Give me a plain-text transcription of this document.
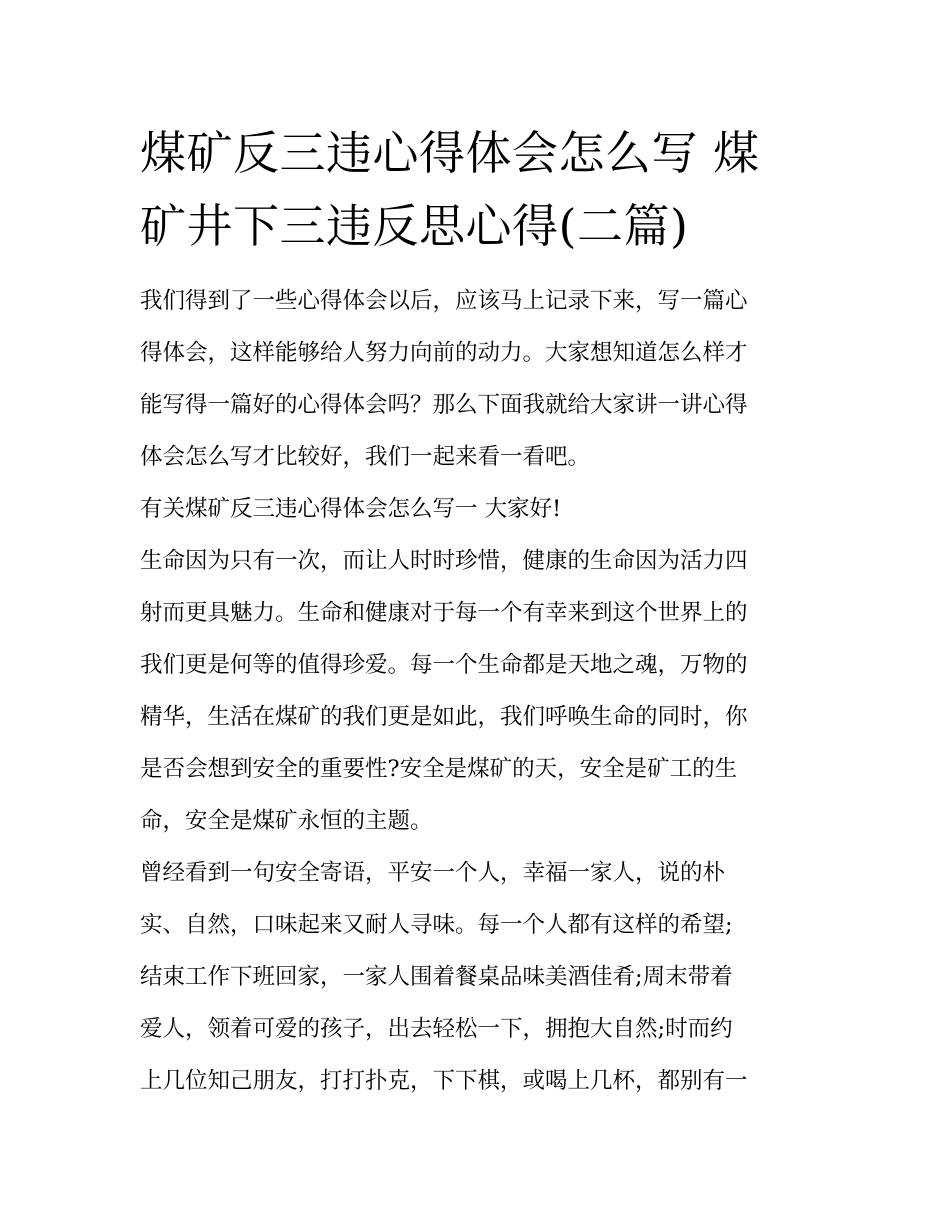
煤矿反三违心得体会怎么写 煤
矿井下三违反思心得(二篇)
我们得到了一些心得体会以后，应该马上记录下来，写一篇心
得体会，这样能够给人努力向前的动力。大家想知道怎么样才
能写得一篇好的心得体会吗？那么下面我就给大家讲一讲心得
体会怎么写才比较好，我们一起来看一看吧。
有关煤矿反三违心得体会怎么写一 大家好!
生命因为只有一次，而让人时时珍惜，健康的生命因为活力四
射而更具魅力。生命和健康对于每一个有幸来到这个世界上的
我们更是何等的值得珍爱。每一个生命都是天地之魂，万物的
精华，生活在煤矿的我们更是如此，我们呼唤生命的同时，你
是否会想到安全的重要性?安全是煤矿的天，安全是矿工的生
命，安全是煤矿永恒的主题。
曾经看到一句安全寄语，平安一个人，幸福一家人，说的朴
实、自然，口味起来又耐人寻味。每一个人都有这样的希望;
结束工作下班回家，一家人围着餐桌品味美酒佳肴;周末带着
爱人，领着可爱的孩子，出去轻松一下，拥抱大自然;时而约
上几位知己朋友，打打扑克，下下棋，或喝上几杯，都别有一
